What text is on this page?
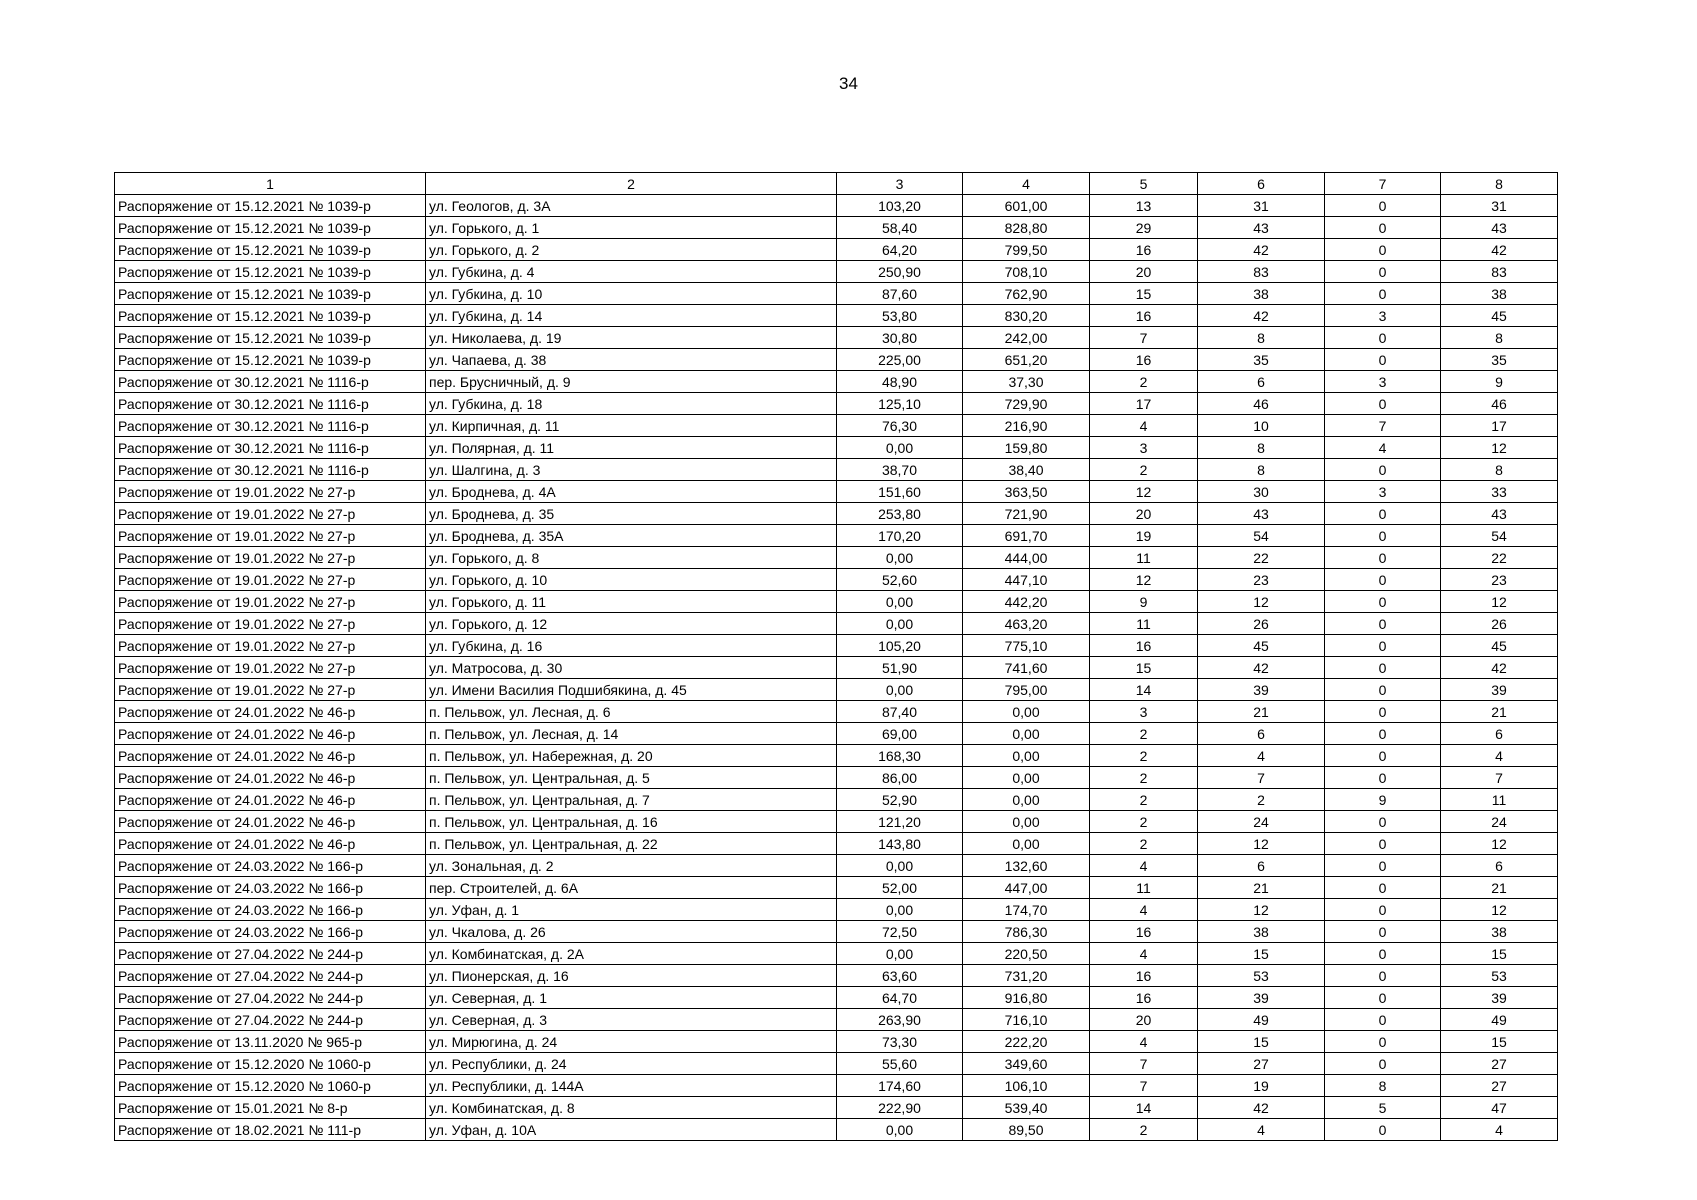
34
1	2	3	4	5	6	7	8
Распоряжение от 15.12.2021 № 1039-р	ул. Геологов, д. 3А	103,20	601,00	13	31	0	31
Распоряжение от 15.12.2021 № 1039-р	ул. Горького, д. 1	58,40	828,80	29	43	0	43
Распоряжение от 15.12.2021 № 1039-р	ул. Горького, д. 2	64,20	799,50	16	42	0	42
Распоряжение от 15.12.2021 № 1039-р	ул. Губкина, д. 4	250,90	708,10	20	83	0	83
Распоряжение от 15.12.2021 № 1039-р	ул. Губкина, д. 10	87,60	762,90	15	38	0	38
Распоряжение от 15.12.2021 № 1039-р	ул. Губкина, д. 14	53,80	830,20	16	42	3	45
Распоряжение от 15.12.2021 № 1039-р	ул. Николаева, д. 19	30,80	242,00	7	8	0	8
Распоряжение от 15.12.2021 № 1039-р	ул. Чапаева, д. 38	225,00	651,20	16	35	0	35
Распоряжение от 30.12.2021 № 1116-р	пер. Брусничный, д. 9	48,90	37,30	2	6	3	9
Распоряжение от 30.12.2021 № 1116-р	ул. Губкина, д. 18	125,10	729,90	17	46	0	46
Распоряжение от 30.12.2021 № 1116-р	ул. Кирпичная, д. 11	76,30	216,90	4	10	7	17
Распоряжение от 30.12.2021 № 1116-р	ул. Полярная, д. 11	0,00	159,80	3	8	4	12
Распоряжение от 30.12.2021 № 1116-р	ул. Шалгина, д. 3	38,70	38,40	2	8	0	8
Распоряжение от 19.01.2022 № 27-р	ул. Броднева, д. 4А	151,60	363,50	12	30	3	33
Распоряжение от 19.01.2022 № 27-р	ул. Броднева, д. 35	253,80	721,90	20	43	0	43
Распоряжение от 19.01.2022 № 27-р	ул. Броднева, д. 35А	170,20	691,70	19	54	0	54
Распоряжение от 19.01.2022 № 27-р	ул. Горького, д. 8	0,00	444,00	11	22	0	22
Распоряжение от 19.01.2022 № 27-р	ул. Горького, д. 10	52,60	447,10	12	23	0	23
Распоряжение от 19.01.2022 № 27-р	ул. Горького, д. 11	0,00	442,20	9	12	0	12
Распоряжение от 19.01.2022 № 27-р	ул. Горького, д. 12	0,00	463,20	11	26	0	26
Распоряжение от 19.01.2022 № 27-р	ул. Губкина, д. 16	105,20	775,10	16	45	0	45
Распоряжение от 19.01.2022 № 27-р	ул. Матросова, д. 30	51,90	741,60	15	42	0	42
Распоряжение от 19.01.2022 № 27-р	ул. Имени Василия Подшибякина, д. 45	0,00	795,00	14	39	0	39
Распоряжение от 24.01.2022 № 46-р	п. Пельвож, ул. Лесная, д. 6	87,40	0,00	3	21	0	21
Распоряжение от 24.01.2022 № 46-р	п. Пельвож, ул. Лесная, д. 14	69,00	0,00	2	6	0	6
Распоряжение от 24.01.2022 № 46-р	п. Пельвож, ул. Набережная, д. 20	168,30	0,00	2	4	0	4
Распоряжение от 24.01.2022 № 46-р	п. Пельвож, ул. Центральная, д. 5	86,00	0,00	2	7	0	7
Распоряжение от 24.01.2022 № 46-р	п. Пельвож, ул. Центральная, д. 7	52,90	0,00	2	2	9	11
Распоряжение от 24.01.2022 № 46-р	п. Пельвож, ул. Центральная, д. 16	121,20	0,00	2	24	0	24
Распоряжение от 24.01.2022 № 46-р	п. Пельвож, ул. Центральная, д. 22	143,80	0,00	2	12	0	12
Распоряжение от 24.03.2022 № 166-р	ул. Зональная, д. 2	0,00	132,60	4	6	0	6
Распоряжение от 24.03.2022 № 166-р	пер. Строителей, д. 6А	52,00	447,00	11	21	0	21
Распоряжение от 24.03.2022 № 166-р	ул. Уфан, д. 1	0,00	174,70	4	12	0	12
Распоряжение от 24.03.2022 № 166-р	ул. Чкалова, д. 26	72,50	786,30	16	38	0	38
Распоряжение от 27.04.2022 № 244-р	ул. Комбинатская, д. 2А	0,00	220,50	4	15	0	15
Распоряжение от 27.04.2022 № 244-р	ул. Пионерская, д. 16	63,60	731,20	16	53	0	53
Распоряжение от 27.04.2022 № 244-р	ул. Северная, д. 1	64,70	916,80	16	39	0	39
Распоряжение от 27.04.2022 № 244-р	ул. Северная, д. 3	263,90	716,10	20	49	0	49
Распоряжение от 13.11.2020 № 965-р	ул. Мирюгина, д. 24	73,30	222,20	4	15	0	15
Распоряжение от 15.12.2020 № 1060-р	ул. Республики, д. 24	55,60	349,60	7	27	0	27
Распоряжение от 15.12.2020 № 1060-р	ул. Республики, д. 144А	174,60	106,10	7	19	8	27
Распоряжение от 15.01.2021 № 8-р	ул. Комбинатская, д. 8	222,90	539,40	14	42	5	47
Распоряжение от 18.02.2021 № 111-р	ул. Уфан, д. 10А	0,00	89,50	2	4	0	4
